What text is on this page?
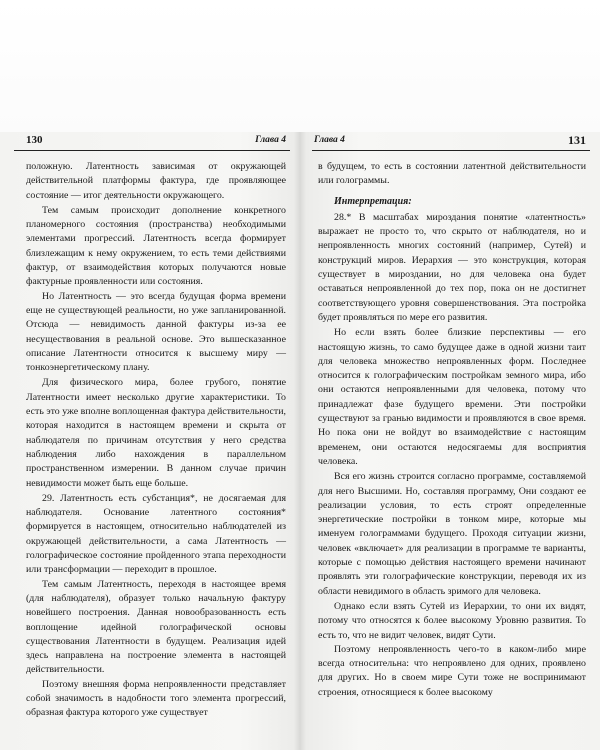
130	Глава 4

положную. Латентность зависимая от окружающей действительной платформы фактура, где проявляющее состояние — итог деятельности окружающего.

Тем самым происходит дополнение конкретного планомерного состояния (пространства) необходимыми элементами прогрессий. Латентность всегда формирует близлежащим к нему окружением, то есть теми действиями фактур, от взаимодействия которых получаются новые фактурные проявленности или состояния.

Но Латентность — это всегда будущая форма времени еще не существующей реальности, но уже запланированной. Отсюда — невидимость данной фактуры из-за ее несуществования в реальной основе. Это вышесказанное описание Латентности относится к высшему миру — тонкоэнергетическому плану.

Для физического мира, более грубого, понятие Латентности имеет несколько другие характеристики. То есть это уже вполне воплощенная фактура действительности, которая находится в настоящем времени и скрыта от наблюдателя по причинам отсутствия у него средства наблюдения либо нахождения в параллельном пространственном измерении. В данном случае причин невидимости может быть еще больше.

29. Латентность есть субстанция*, не досягаемая для наблюдателя. Основание латентного состояния* формируется в настоящем, относительно наблюдателей из окружающей действительности, а сама Латентность — голографическое состояние пройденного этапа переходности или трансформации — переходит в прошлое.

Тем самым Латентность, переходя в настоящее время (для наблюдателя), образует только начальную фактуру новейшего построения. Данная новообразованность есть воплощение идейной голографической основы существования Латентности в будущем. Реализация идей здесь направлена на построение элемента в настоящей действительности.

Поэтому внешняя форма непроявленности представляет собой значимость в надобности того элемента прогрессий, образная фактура которого уже существует

Глава 4	131

в будущем, то есть в состоянии латентной действительности или голограммы.

Интерпретация:

28.* В масштабах мироздания понятие «латентность» выражает не просто то, что скрыто от наблюдателя, но и непроявленность многих состояний (например, Сутей) и конструкций миров. Иерархия — это конструкция, которая существует в мироздании, но для человека она будет оставаться непроявленной до тех пор, пока он не достигнет соответствующего уровня совершенствования. Эта постройка будет проявляться по мере его развития.

Но если взять более близкие перспективы — его настоящую жизнь, то само будущее даже в одной жизни таит для человека множество непроявленных форм. Последнее относится к голографическим постройкам земного мира, ибо они остаются непроявленными для человека, потому что принадлежат фазе будущего времени. Эти постройки существуют за гранью видимости и проявляются в свое время. Но пока они не войдут во взаимодействие с настоящим временем, они остаются недосягаемы для восприятия человека.

Вся его жизнь строится согласно программе, составляемой для него Высшими. Но, составляя программу, Они создают ее реализации условия, то есть строят определенные энергетические постройки в тонком мире, которые мы именуем голограммами будущего. Проходя ситуации жизни, человек «включает» для реализации в программе те варианты, которые с помощью действия настоящего времени начинают проявлять эти голографические конструкции, переводя их из области невидимого в область зримого для человека.

Однако если взять Сутей из Иерархии, то они их видят, потому что относятся к более высокому Уровню развития. То есть то, что не видит человек, видят Сути.

Поэтому непроявленность чего-то в каком-либо мире всегда относительна: что непроявлено для одних, проявлено для других. Но в своем мире Сути тоже не воспринимают строения, относящиеся к более высокому
